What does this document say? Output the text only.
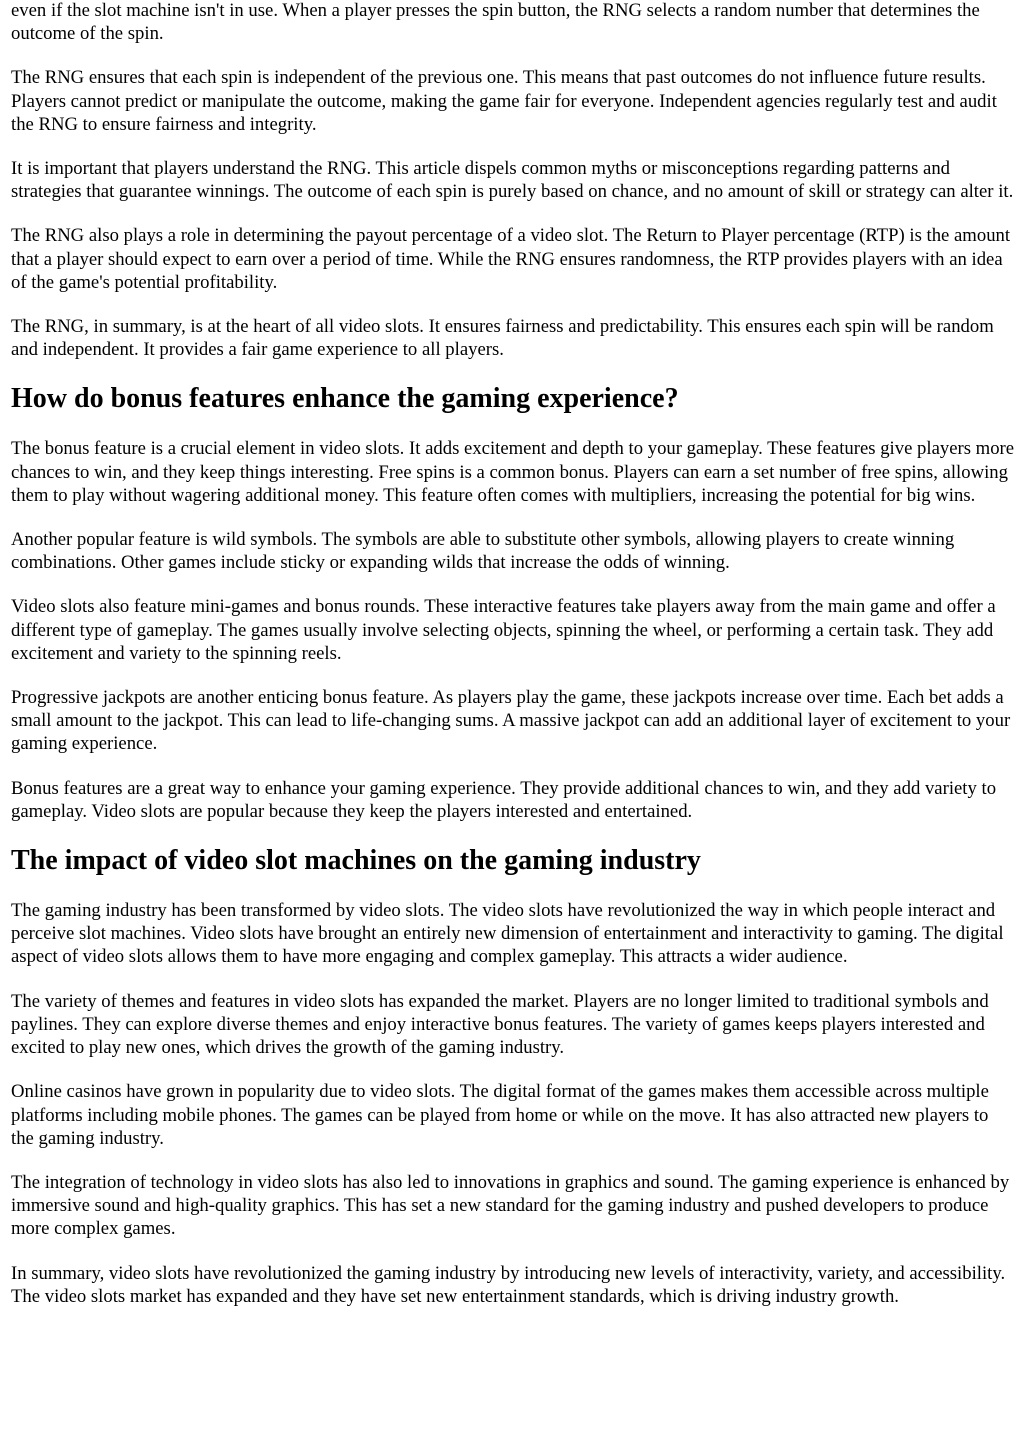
even if the slot machine isn't in use. When a player presses the spin button, the RNG selects a random number that determines the outcome of the spin.

The RNG ensures that each spin is independent of the previous one. This means that past outcomes do not influence future results. Players cannot predict or manipulate the outcome, making the game fair for everyone. Independent agencies regularly test and audit the RNG to ensure fairness and integrity.

It is important that players understand the RNG. This article dispels common myths or misconceptions regarding patterns and strategies that guarantee winnings. The outcome of each spin is purely based on chance, and no amount of skill or strategy can alter it.

The RNG also plays a role in determining the payout percentage of a video slot. The Return to Player percentage (RTP) is the amount that a player should expect to earn over a period of time. While the RNG ensures randomness, the RTP provides players with an idea of the game's potential profitability.

The RNG, in summary, is at the heart of all video slots. It ensures fairness and predictability. This ensures each spin will be random and independent. It provides a fair game experience to all players.

How do bonus features enhance the gaming experience?

The bonus feature is a crucial element in video slots. It adds excitement and depth to your gameplay. These features give players more chances to win, and they keep things interesting. Free spins is a common bonus. Players can earn a set number of free spins, allowing them to play without wagering additional money. This feature often comes with multipliers, increasing the potential for big wins.

Another popular feature is wild symbols. The symbols are able to substitute other symbols, allowing players to create winning combinations. Other games include sticky or expanding wilds that increase the odds of winning.

Video slots also feature mini-games and bonus rounds. These interactive features take players away from the main game and offer a different type of gameplay. The games usually involve selecting objects, spinning the wheel, or performing a certain task. They add excitement and variety to the spinning reels.

Progressive jackpots are another enticing bonus feature. As players play the game, these jackpots increase over time. Each bet adds a small amount to the jackpot. This can lead to life-changing sums. A massive jackpot can add an additional layer of excitement to your gaming experience.

Bonus features are a great way to enhance your gaming experience. They provide additional chances to win, and they add variety to gameplay. Video slots are popular because they keep the players interested and entertained.

The impact of video slot machines on the gaming industry

The gaming industry has been transformed by video slots. The video slots have revolutionized the way in which people interact and perceive slot machines. Video slots have brought an entirely new dimension of entertainment and interactivity to gaming. The digital aspect of video slots allows them to have more engaging and complex gameplay. This attracts a wider audience.

The variety of themes and features in video slots has expanded the market. Players are no longer limited to traditional symbols and paylines. They can explore diverse themes and enjoy interactive bonus features. The variety of games keeps players interested and excited to play new ones, which drives the growth of the gaming industry.

Online casinos have grown in popularity due to video slots. The digital format of the games makes them accessible across multiple platforms including mobile phones. The games can be played from home or while on the move. It has also attracted new players to the gaming industry.

The integration of technology in video slots has also led to innovations in graphics and sound. The gaming experience is enhanced by immersive sound and high-quality graphics. This has set a new standard for the gaming industry and pushed developers to produce more complex games.

In summary, video slots have revolutionized the gaming industry by introducing new levels of interactivity, variety, and accessibility. The video slots market has expanded and they have set new entertainment standards, which is driving industry growth.
